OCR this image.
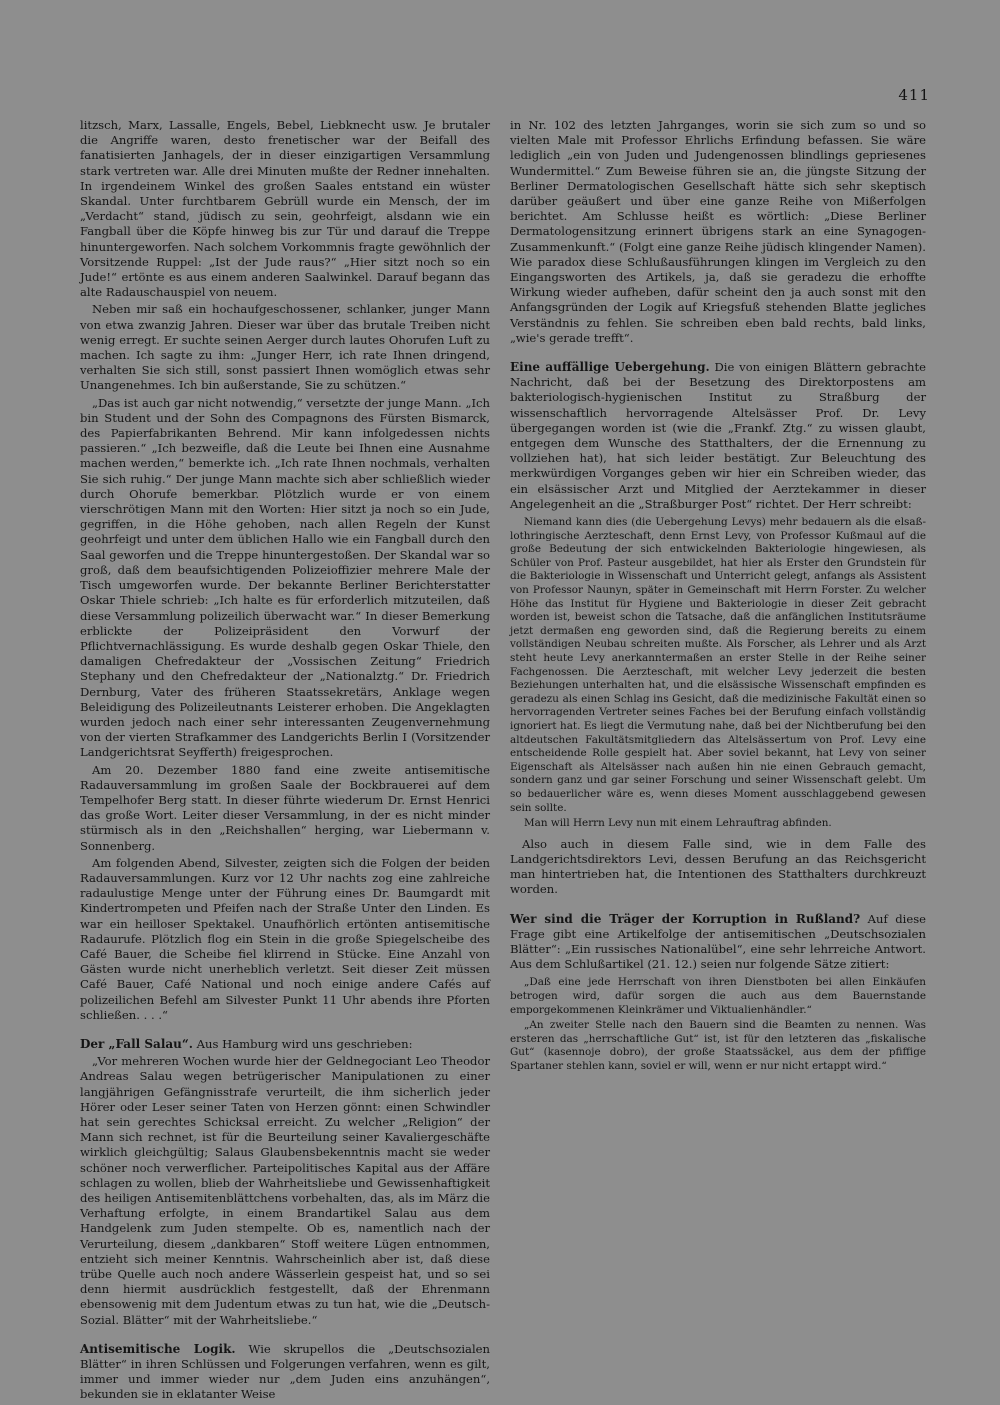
411

litzsch, Marx, Lassalle, Engels, Bebel, Liebknecht usw. Je brutaler die Angriffe waren, desto frenetischer war der Beifall des fanatisierten Janhagels, der in dieser einzigartigen Versammlung stark vertreten war. Alle drei Minuten mußte der Redner innehalten. In irgendeinem Winkel des großen Saales entstand ein wüster Skandal. Unter furchtbarem Gebrüll wurde ein Mensch, der im „Verdacht“ stand, jüdisch zu sein, geohrfeigt, alsdann wie ein Fangball über die Köpfe hinweg bis zur Tür und darauf die Treppe hinuntergeworfen. Nach solchem Vorkommnis fragte gewöhnlich der Vorsitzende Ruppel: „Ist der Jude raus?“ „Hier sitzt noch so ein Jude!“ ertönte es aus einem anderen Saalwinkel. Darauf begann das alte Radauschauspiel von neuem.

Neben mir saß ein hochaufgeschossener, schlanker, junger Mann von etwa zwanzig Jahren. Dieser war über das brutale Treiben nicht wenig erregt. Er suchte seinen Aerger durch lautes Ohorufen Luft zu machen. Ich sagte zu ihm: „Junger Herr, ich rate Ihnen dringend, verhalten Sie sich still, sonst passiert Ihnen womöglich etwas sehr Unangenehmes. Ich bin außerstande, Sie zu schützen.“

„Das ist auch gar nicht notwendig,“ versetzte der junge Mann. „Ich bin Student und der Sohn des Compagnons des Fürsten Bismarck, des Papierfabrikanten Behrend. Mir kann infolgedessen nichts passieren.“ „Ich bezweifle, daß die Leute bei Ihnen eine Ausnahme machen werden,“ bemerkte ich. „Ich rate Ihnen nochmals, verhalten Sie sich ruhig.“ Der junge Mann machte sich aber schließlich wieder durch Ohorufe bemerkbar. Plötzlich wurde er von einem vierschrötigen Mann mit den Worten: Hier sitzt ja noch so ein Jude, gegriffen, in die Höhe gehoben, nach allen Regeln der Kunst geohrfeigt und unter dem üblichen Hallo wie ein Fangball durch den Saal geworfen und die Treppe hinuntergestoßen. Der Skandal war so groß, daß dem beaufsichtigenden Polizeioffizier mehrere Male der Tisch umgeworfen wurde. Der bekannte Berliner Berichterstatter Oskar Thiele schrieb: „Ich halte es für erforderlich mitzuteilen, daß diese Versammlung polizeilich überwacht war.“ In dieser Bemerkung erblickte der Polizeipräsident den Vorwurf der Pflichtvernachlässigung. Es wurde deshalb gegen Oskar Thiele, den damaligen Chefredakteur der „Vossischen Zeitung“ Friedrich Stephany und den Chefredakteur der „Nationalztg.“ Dr. Friedrich Dernburg, Vater des früheren Staatssekretärs, Anklage wegen Beleidigung des Polizeileutnants Leisterer erhoben. Die Angeklagten wurden jedoch nach einer sehr interessanten Zeugenvernehmung von der vierten Strafkammer des Landgerichts Berlin I (Vorsitzender Landgerichtsrat Seyfferth) freigesprochen.

Am 20. Dezember 1880 fand eine zweite antisemitische Radauversammlung im großen Saale der Bockbrauerei auf dem Tempelhofer Berg statt. In dieser führte wiederum Dr. Ernst Henrici das große Wort. Leiter dieser Versammlung, in der es nicht minder stürmisch als in den „Reichshallen“ herging, war Liebermann v. Sonnenberg.

Am folgenden Abend, Silvester, zeigten sich die Folgen der beiden Radauversammlungen. Kurz vor 12 Uhr nachts zog eine zahlreiche radaulustige Menge unter der Führung eines Dr. Baumgardt mit Kindertrompeten und Pfeifen nach der Straße Unter den Linden. Es war ein heilloser Spektakel. Unaufhörlich ertönten antisemitische Radaurufe. Plötzlich flog ein Stein in die große Spiegelscheibe des Café Bauer, die Scheibe fiel klirrend in Stücke. Eine Anzahl von Gästen wurde nicht unerheblich verletzt. Seit dieser Zeit müssen Café Bauer, Café National und noch einige andere Cafés auf polizeilichen Befehl am Silvester Punkt 11 Uhr abends ihre Pforten schließen. . . .“

Der „Fall Salau“. Aus Hamburg wird uns geschrieben:

„Vor mehreren Wochen wurde hier der Geldnegociant Leo Theodor Andreas Salau wegen betrügerischer Manipulationen zu einer langjährigen Gefängnisstrafe verurteilt, die ihm sicherlich jeder Hörer oder Leser seiner Taten von Herzen gönnt: einen Schwindler hat sein gerechtes Schicksal erreicht. Zu welcher „Religion“ der Mann sich rechnet, ist für die Beurteilung seiner Kavaliergeschäfte wirklich gleichgültig; Salaus Glaubensbekenntnis macht sie weder schöner noch verwerflicher. Parteipolitisches Kapital aus der Affäre schlagen zu wollen, blieb der Wahrheitsliebe und Gewissenhaftigkeit des heiligen Antisemitenblättchens vorbehalten, das, als im März die Verhaftung erfolgte, in einem Brandartikel Salau aus dem Handgelenk zum Juden stempelte. Ob es, namentlich nach der Verurteilung, diesem „dankbaren“ Stoff weitere Lügen entnommen, entzieht sich meiner Kenntnis. Wahrscheinlich aber ist, daß diese trübe Quelle auch noch andere Wässerlein gespeist hat, und so sei denn hiermit ausdrücklich festgestellt, daß der Ehrenmann ebensowenig mit dem Judentum etwas zu tun hat, wie die „Deutsch-Sozial. Blätter“ mit der Wahrheitsliebe.“

Antisemitische Logik. Wie skrupellos die „Deutschsozialen Blätter“ in ihren Schlüssen und Folgerungen verfahren, wenn es gilt, immer und immer wieder nur „dem Juden eins anzuhängen“, bekunden sie in eklatanter Weise

in Nr. 102 des letzten Jahrganges, worin sie sich zum so und so vielten Male mit Professor Ehrlichs Erfindung befassen. Sie wäre lediglich „ein von Juden und Judengenossen blindlings gepriesenes Wundermittel.“ Zum Beweise führen sie an, die jüngste Sitzung der Berliner Dermatologischen Gesellschaft hätte sich sehr skeptisch darüber geäußert und über eine ganze Reihe von Mißerfolgen berichtet. Am Schlusse heißt es wörtlich: „Diese Berliner Dermatologensitzung erinnert übrigens stark an eine Synagogen-Zusammenkunft.“ (Folgt eine ganze Reihe jüdisch klingender Namen). Wie paradox diese Schlußausführungen klingen im Vergleich zu den Eingangsworten des Artikels, ja, daß sie geradezu die erhoffte Wirkung wieder aufheben, dafür scheint den ja auch sonst mit den Anfangsgründen der Logik auf Kriegsfuß stehenden Blatte jegliches Verständnis zu fehlen. Sie schreiben eben bald rechts, bald links, „wie's gerade trefft“.

Eine auffällige Uebergehung. Die von einigen Blättern gebrachte Nachricht, daß bei der Besetzung des Direktorpostens am bakteriologisch-hygienischen Institut zu Straßburg der wissenschaftlich hervorragende Altelsässer Prof. Dr. Levy übergegangen worden ist (wie die „Frankf. Ztg.“ zu wissen glaubt, entgegen dem Wunsche des Statthalters, der die Ernennung zu vollziehen hat), hat sich leider bestätigt. Zur Beleuchtung des merkwürdigen Vorganges geben wir hier ein Schreiben wieder, das ein elsässischer Arzt und Mitglied der Aerztekammer in dieser Angelegenheit an die „Straßburger Post“ richtet. Der Herr schreibt:

Niemand kann dies (die Uebergehung Levys) mehr bedauern als die elsaß-lothringische Aerzteschaft, denn Ernst Levy, von Professor Kußmaul auf die große Bedeutung der sich entwickelnden Bakteriologie hingewiesen, als Schüler von Prof. Pasteur ausgebildet, hat hier als Erster den Grundstein für die Bakteriologie in Wissenschaft und Unterricht gelegt, anfangs als Assistent von Professor Naunyn, später in Gemeinschaft mit Herrn Forster. Zu welcher Höhe das Institut für Hygiene und Bakteriologie in dieser Zeit gebracht worden ist, beweist schon die Tatsache, daß die anfänglichen Institutsräume jetzt dermaßen eng geworden sind, daß die Regierung bereits zu einem vollständigen Neubau schreiten mußte. Als Forscher, als Lehrer und als Arzt steht heute Levy anerkanntermaßen an erster Stelle in der Reihe seiner Fachgenossen. Die Aerzteschaft, mit welcher Levy jederzeit die besten Beziehungen unterhalten hat, und die elsässische Wissenschaft empfinden es geradezu als einen Schlag ins Gesicht, daß die medizinische Fakultät einen so hervorragenden Vertreter seines Faches bei der Berufung einfach vollständig ignoriert hat. Es liegt die Vermutung nahe, daß bei der Nichtberufung bei den altdeutschen Fakultätsmitgliedern das Altelsässertum von Prof. Levy eine entscheidende Rolle gespielt hat. Aber soviel bekannt, hat Levy von seiner Eigenschaft als Altelsässer nach außen hin nie einen Gebrauch gemacht, sondern ganz und gar seiner Forschung und seiner Wissenschaft gelebt. Um so bedauerlicher wäre es, wenn dieses Moment ausschlaggebend gewesen sein sollte.

Man will Herrn Levy nun mit einem Lehrauftrag abfinden.

Also auch in diesem Falle sind, wie in dem Falle des Landgerichtsdirektors Levi, dessen Berufung an das Reichsgericht man hintertrieben hat, die Intentionen des Statthalters durchkreuzt worden.

Wer sind die Träger der Korruption in Rußland? Auf diese Frage gibt eine Artikelfolge der antisemitischen „Deutschsozialen Blätter“: „Ein russisches Nationalübel“, eine sehr lehrreiche Antwort. Aus dem Schlußartikel (21. 12.) seien nur folgende Sätze zitiert:

„Daß eine jede Herrschaft von ihren Dienstboten bei allen Einkäufen betrogen wird, dafür sorgen die auch aus dem Bauernstande emporgekommenen Kleinkrämer und Viktualienhändler.“

„An zweiter Stelle nach den Bauern sind die Beamten zu nennen. Was ersteren das „herrschaftliche Gut“ ist, ist für den letzteren das „fiskalische Gut“ (kasennoje dobro), der große Staatssäckel, aus dem der pfiffige Spartaner stehlen kann, soviel er will, wenn er nur nicht ertappt wird.“
